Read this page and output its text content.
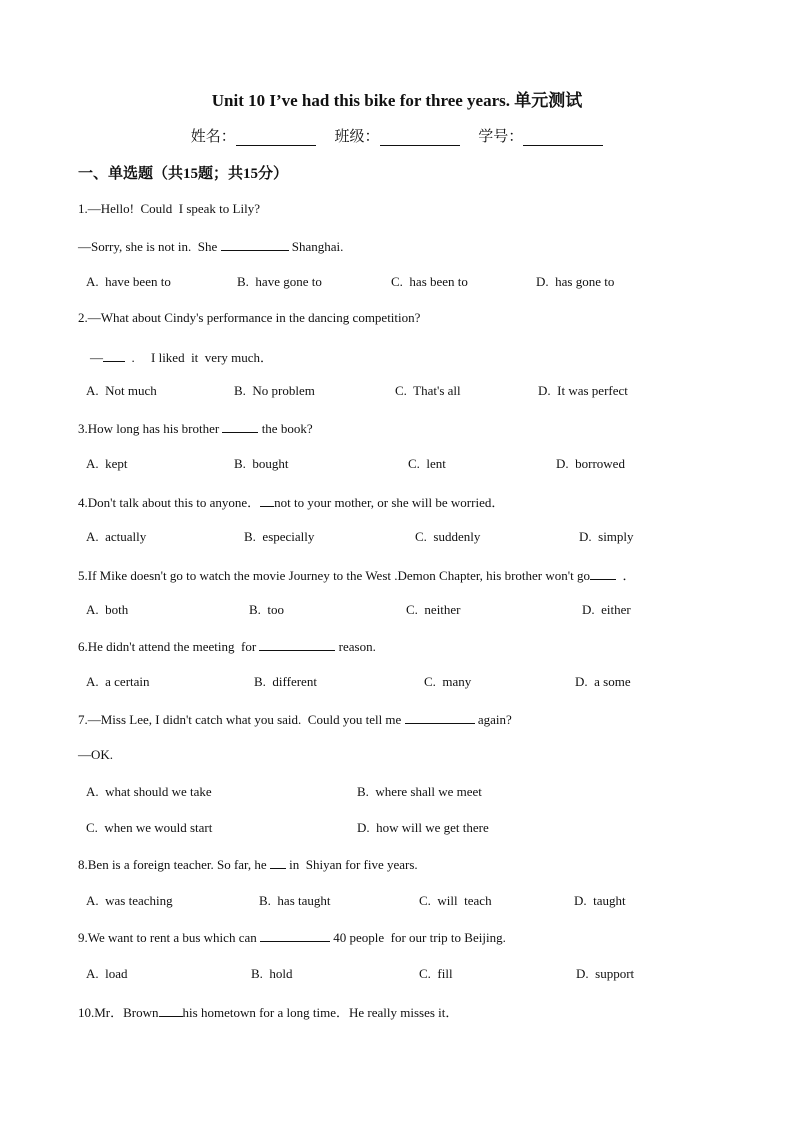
Unit 10 I’ve had this bike for three years. 单元测试
姓名：	班级：	学号：
一、单选题（共15题；共15分）
1.—Hello!  Could  I speak to Lily?
—Sorry, she is not in.  She	Shanghai.
A.  have been to	B.  have gone to	C.  has been to	D.  has gone to
2.—What about Cindy's performance in the dancing competition?
—  .     I liked  it  very much．
A.  Not much	B.  No problem	C.  That's all	D.  It was perfect
3.How long has his brother	the book?
A.  kept	B.  bought	C.  lent	D.  borrowed
4.Don't talk about this to anyone． not to your mother, or she will be worried．
A.  actually	B.  especially	C.  suddenly	D.  simply
5.If Mike doesn't go to watch the movie Journey to the West .Demon Chapter, his brother won't go  ．
A.  both	B.  too	C.  neither	D.  either
6.He didn't attend the meeting  for	reason.
A.  a certain	B.  different	C.  many	D.  a some
7.—Miss Lee, I didn't catch what you said.  Could you tell me	again?
—OK.
A.  what should we take	B.  where shall we meet
C.  when we would start	D.  how will we get there
8.Ben is a foreign teacher. So far, he  in  Shiyan for five years.
A.  was teaching	B.  has taught	C.  will  teach	D.  taught
9.We want to rent a bus which can	40 people  for our trip to Beijing.
A.  load	B.  hold	C.  fill	D.  support
10.Mr．Brown his hometown for a long time．He really misses it．
